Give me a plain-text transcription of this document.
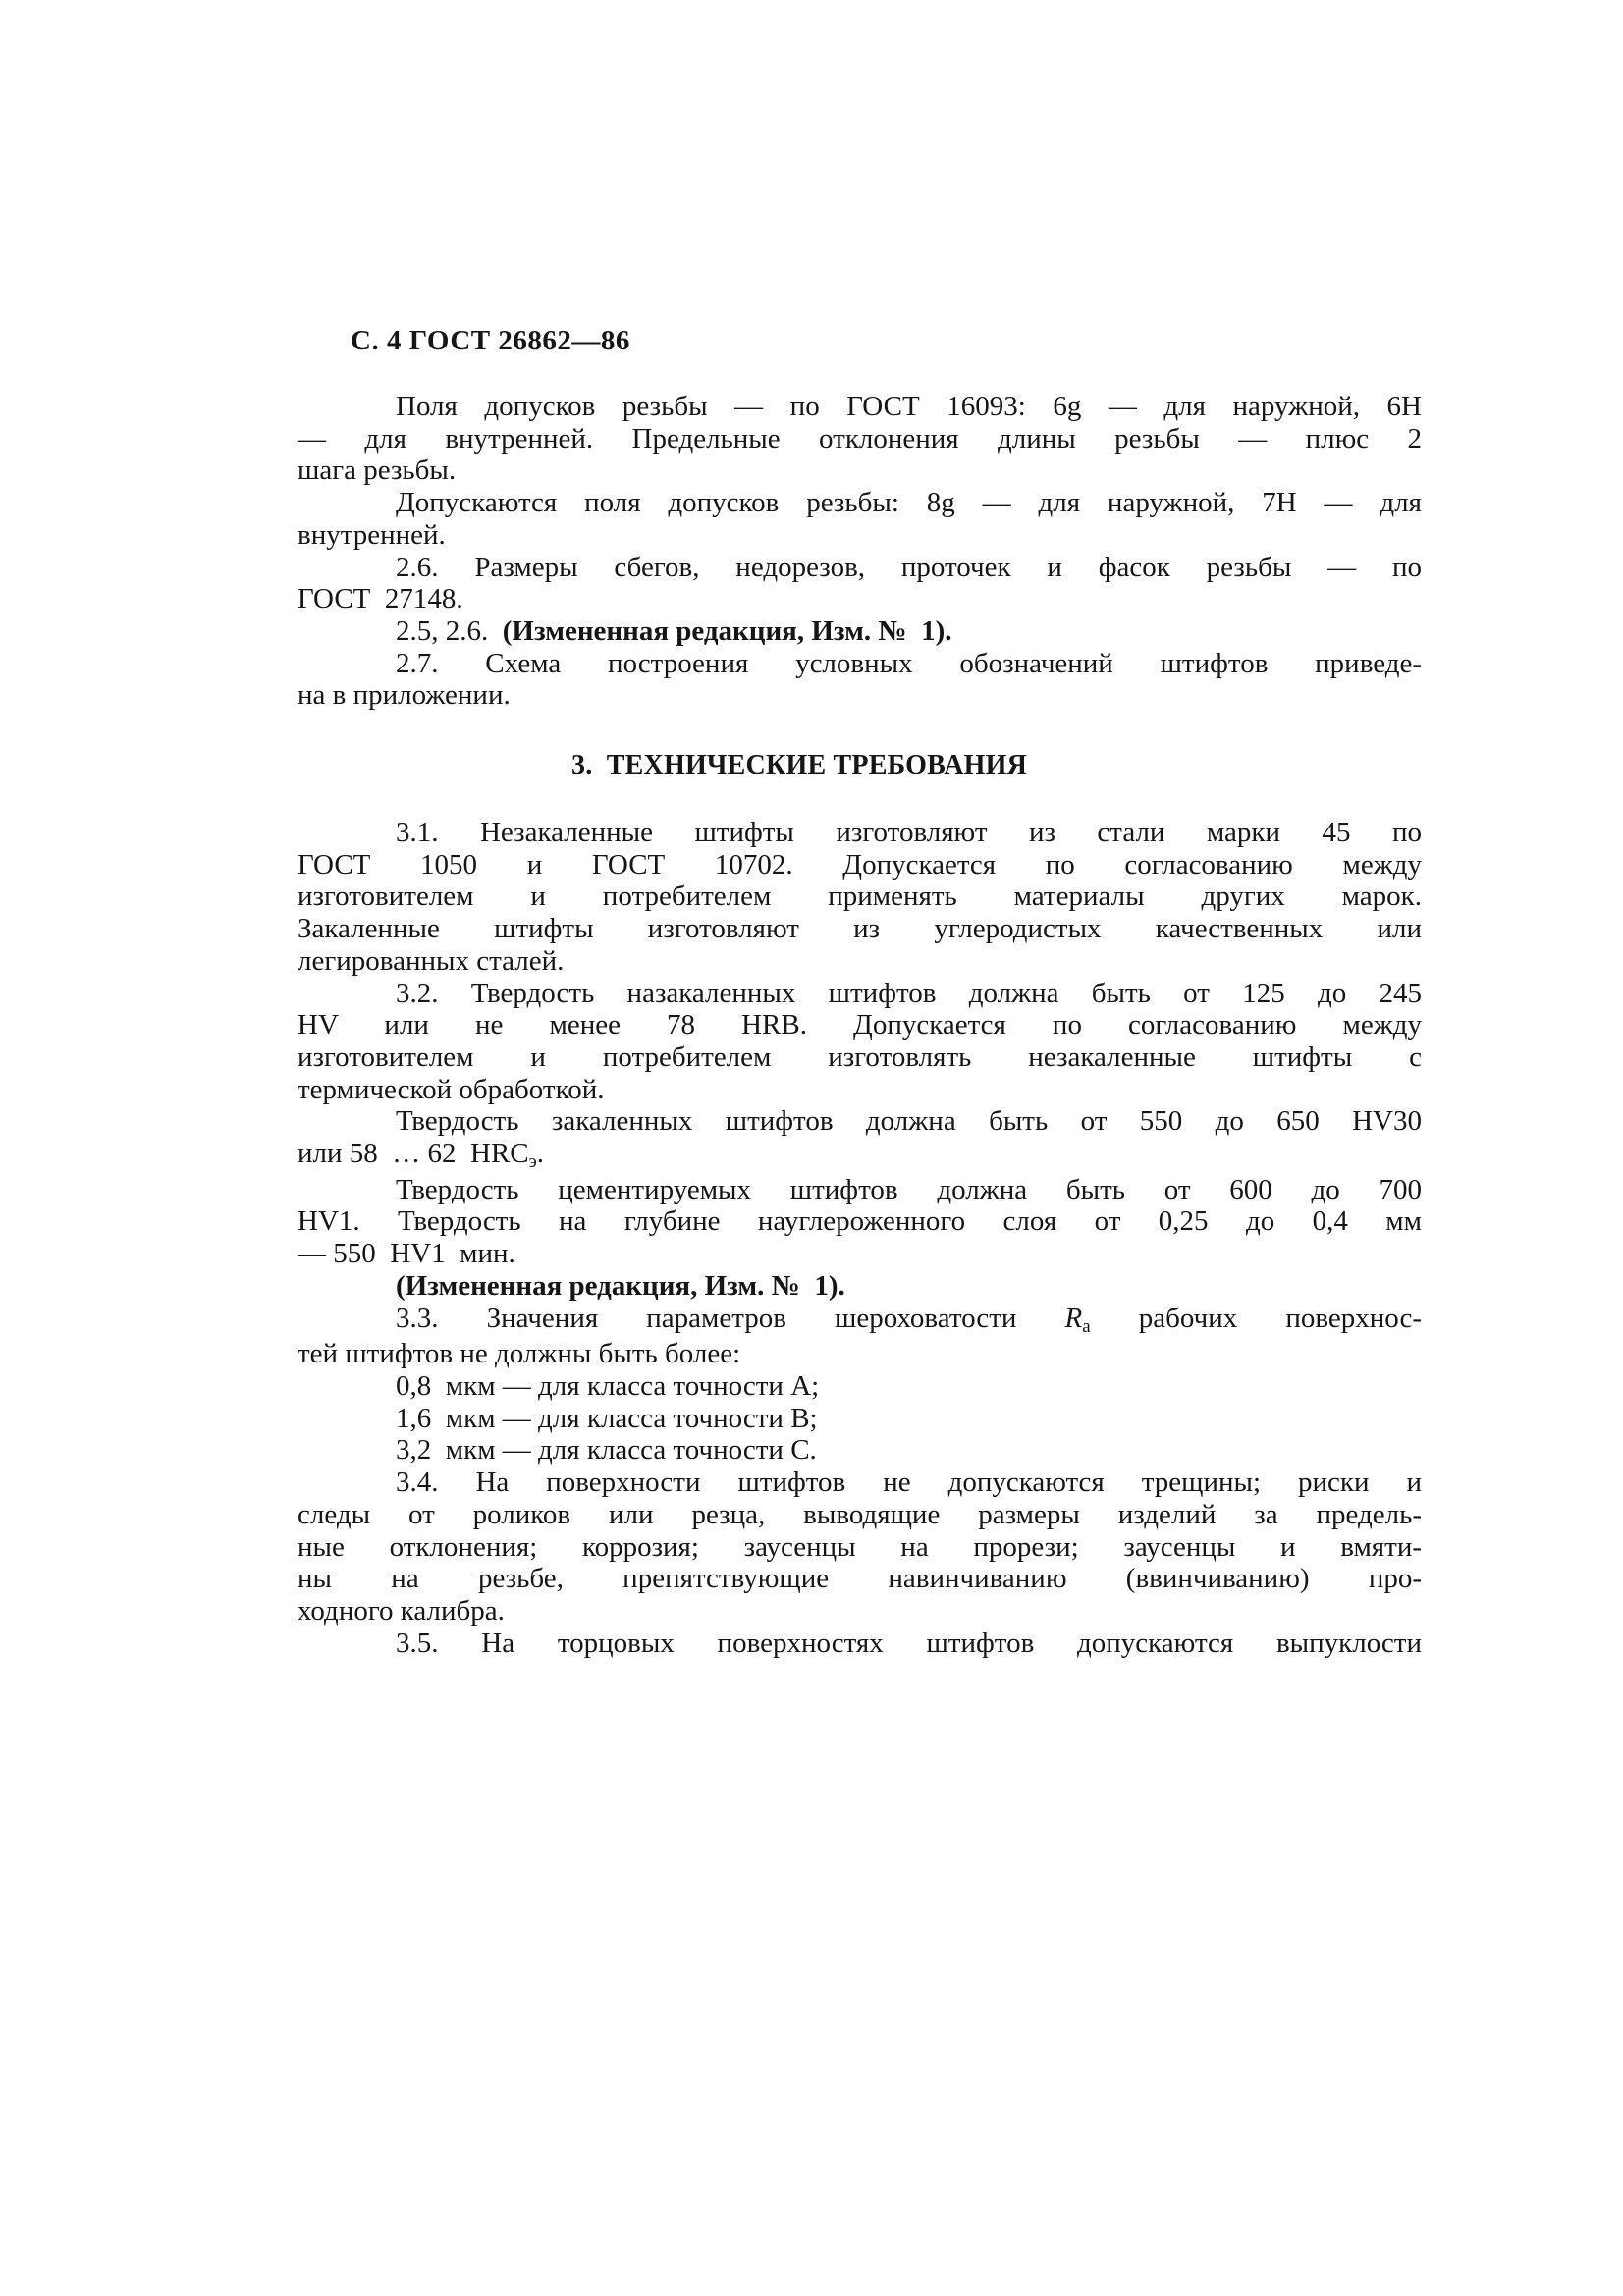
С. 4 ГОСТ 26862—86
Поля допусков резьбы — по ГОСТ 16093: 6g — для наружной, 6Н
— для внутренней. Предельные отклонения длины резьбы — плюс 2
шага резьбы.
Допускаются поля допусков резьбы: 8g — для наружной, 7Н — для
внутренней.
2.6. Размеры сбегов, недорезов, проточек и фасок резьбы — по
ГОСТ  27148.
2.5, 2.6.  (Измененная редакция, Изм. №  1).
2.7. Схема построения условных обозначений штифтов приведе-
на в приложении.
3.  ТЕХНИЧЕСКИЕ ТРЕБОВАНИЯ
3.1. Незакаленные штифты изготовляют из стали марки 45 по
ГОСТ 1050 и ГОСТ 10702. Допускается по согласованию между
изготовителем и потребителем применять материалы других марок.
Закаленные штифты изготовляют из углеродистых качественных или
легированных сталей.
3.2. Твердость назакаленных штифтов должна быть от 125 до 245
HV или не менее 78 HRB. Допускается по согласованию между
изготовителем и потребителем изготовлять незакаленные штифты с
термической обработкой.
Твердость закаленных штифтов должна быть от 550 до 650 HV30
или 58  … 62  HRCэ.
Твердость цементируемых штифтов должна быть от 600 до 700
HV1. Твердость на глубине науглероженного слоя от 0,25 до 0,4 мм
— 550  HV1  мин.
(Измененная редакция, Изм. №  1).
3.3. Значения параметров шероховатости Ra рабочих поверхнос-
тей штифтов не должны быть более:
0,8  мкм — для класса точности А;
1,6  мкм — для класса точности В;
3,2  мкм — для класса точности С.
3.4. На поверхности штифтов не допускаются трещины; риски и
следы от роликов или резца, выводящие размеры изделий за предель-
ные отклонения; коррозия; заусенцы на прорези; заусенцы и вмяти-
ны на резьбе, препятствующие навинчиванию (ввинчиванию) про-
ходного калибра.
3.5. На торцовых поверхностях штифтов допускаются выпуклости
